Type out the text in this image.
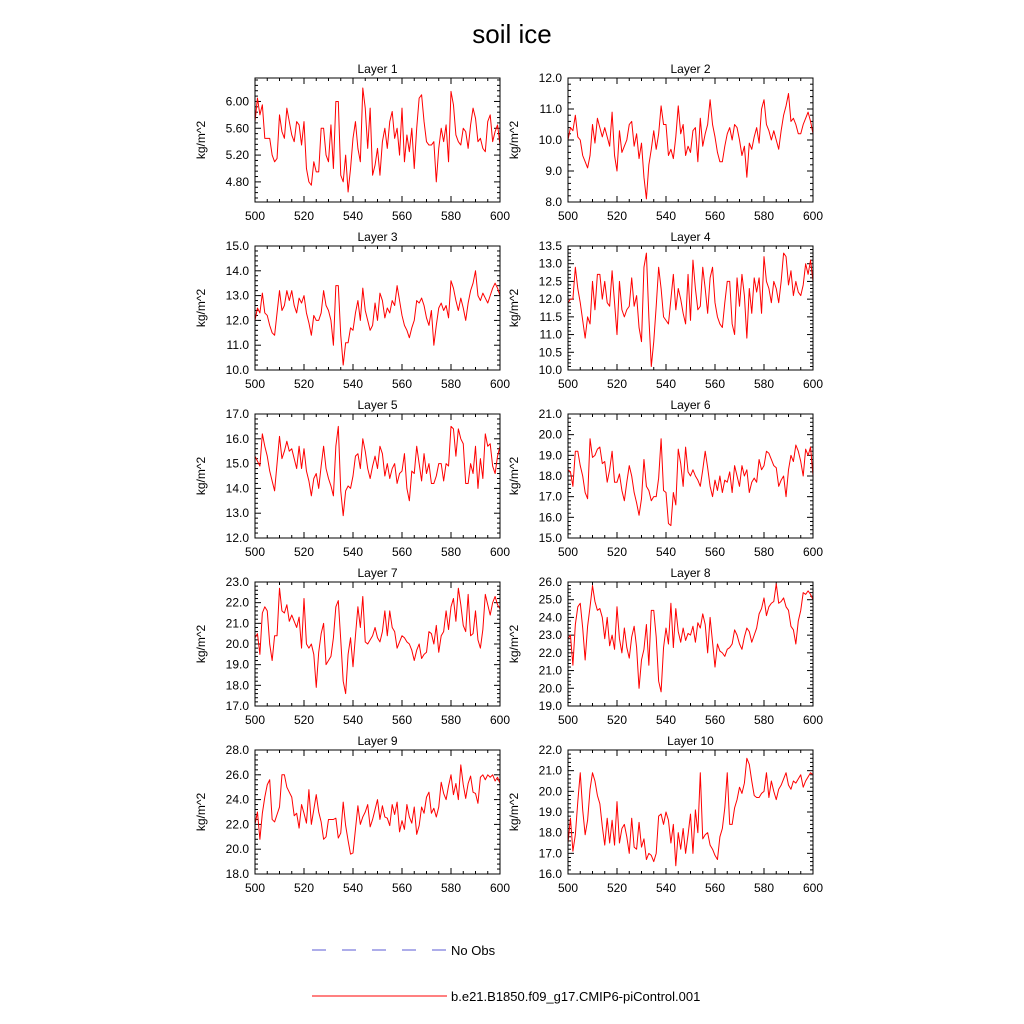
soil ice
Layer 1
kg/m^2
500 520 540 560 580 600
4.80
5.20
5.60
6.00
Layer 2
kg/m^2
500 520 540 560 580 600
8.0
9.0
10.0
11.0
12.0
Layer 3
kg/m^2
500 520 540 560 580 600
10.0
11.0
12.0
13.0
14.0
15.0
Layer 4
kg/m^2
500 520 540 560 580 600
10.0
10.5
11.0
11.5
12.0
12.5
13.0
13.5
Layer 5
kg/m^2
500 520 540 560 580 600
12.0
13.0
14.0
15.0
16.0
17.0
Layer 6
kg/m^2
500 520 540 560 580 600
15.0
16.0
17.0
18.0
19.0
20.0
21.0
Layer 7
kg/m^2
500 520 540 560 580 600
17.0
18.0
19.0
20.0
21.0
22.0
23.0
Layer 8
kg/m^2
500 520 540 560 580 600
19.0
20.0
21.0
22.0
23.0
24.0
25.0
26.0
Layer 9
kg/m^2
500 520 540 560 580 600
18.0
20.0
22.0
24.0
26.0
28.0
Layer 10
kg/m^2
500 520 540 560 580 600
16.0
17.0
18.0
19.0
20.0
21.0
22.0
No Obs
b.e21.B1850.f09_g17.CMIP6-piControl.001
